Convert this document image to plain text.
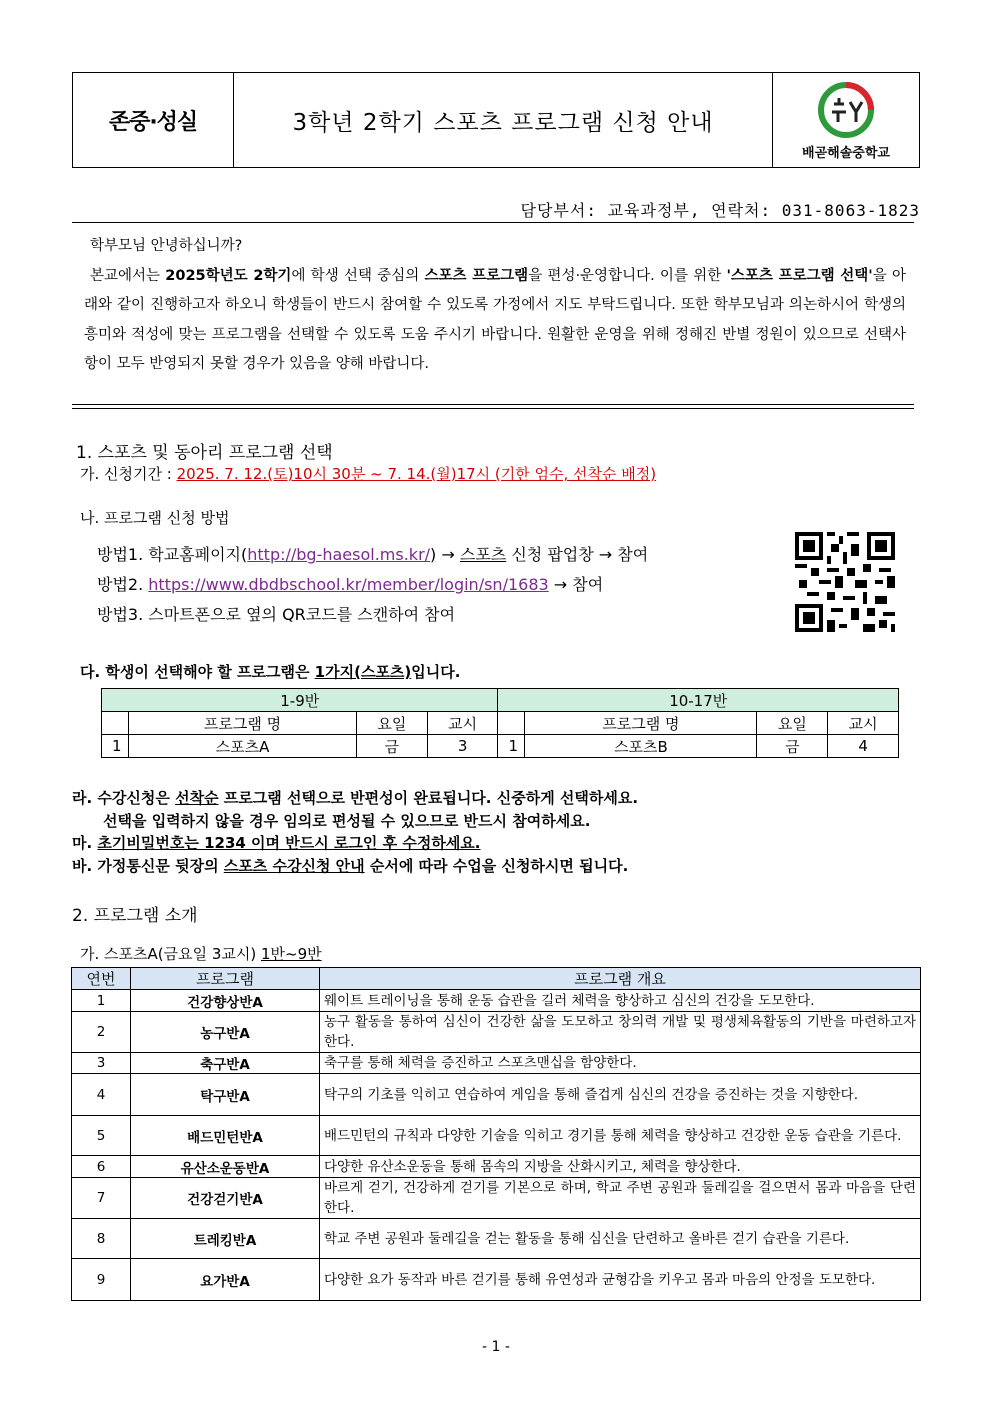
존중·성실	3학년 2학기 스포츠 프로그램 신청 안내
배곧해솔중학교
담당부서: 교육과정부, 연락처: 031-8063-1823
학부모님 안녕하십니까?
본교에서는 2025학년도 2학기에 학생 선택 중심의 스포츠 프로그램을 편성·운영합니다. 이를 위한 '스포츠 프로그램 선택'을 아래와 같이 진행하고자 하오니 학생들이 반드시 참여할 수 있도록 가정에서 지도 부탁드립니다. 또한 학부모님과 의논하시어 학생의 흥미와 적성에 맞는 프로그램을 선택할 수 있도록 도움 주시기 바랍니다. 원활한 운영을 위해 정해진 반별 정원이 있으므로 선택사항이 모두 반영되지 못할 경우가 있음을 양해 바랍니다.
1. 스포츠 및 동아리 프로그램 선택
가. 신청기간 : 2025. 7. 12.(토)10시 30분 ~ 7. 14.(월)17시 (기한 엄수, 선착순 배정)
나. 프로그램 신청 방법
방법1. 학교홈페이지(http://bg-haesol.ms.kr/) → 스포츠 신청 팝업창 → 참여
방법2. https://www.dbdbschool.kr/member/login/sn/1683 → 참여
방법3. 스마트폰으로 옆의 QR코드를 스캔하여 참여
다. 학생이 선택해야 할 프로그램은 1가지(스포츠)입니다.
1-9반				10-17반			
	프로그램 명	요일	교시		프로그램 명	요일	교시
1	스포츠A	금	3	1	스포츠B	금	4
라. 수강신청은 선착순 프로그램 선택으로 반편성이 완료됩니다. 신중하게 선택하세요.
선택을 입력하지 않을 경우 임의로 편성될 수 있으므로 반드시 참여하세요.
마. 초기비밀번호는 1234 이며 반드시 로그인 후 수정하세요.
바. 가정통신문 뒷장의 스포츠 수강신청 안내 순서에 따라 수업을 신청하시면 됩니다.
2. 프로그램 소개
가. 스포츠A(금요일 3교시) 1반~9반
연번	프로그램	프로그램 개요
1	건강향상반A	웨이트 트레이닝을 통해 운동 습관을 길러 체력을 향상하고 심신의 건강을 도모한다.
2	농구반A	농구 활동을 통하여 심신이 건강한 삶을 도모하고 창의력 개발 및 평생체육활동의 기반을 마련하고자 한다.
3	축구반A	축구를 통해 체력을 증진하고 스포츠맨십을 함양한다.
4	탁구반A	탁구의 기초를 익히고 연습하여 게임을 통해 즐겁게 심신의 건강을 증진하는 것을 지향한다.
5	배드민턴반A	배드민턴의 규칙과 다양한 기술을 익히고 경기를 통해 체력을 향상하고 건강한 운동 습관을 기른다.
6	유산소운동반A	다양한 유산소운동을 통해 몸속의 지방을 산화시키고, 체력을 향상한다.
7	건강걷기반A	바르게 걷기, 건강하게 걷기를 기본으로 하며, 학교 주변 공원과 둘레길을 걸으면서 몸과 마음을 단련한다.
8	트레킹반A	학교 주변 공원과 둘레길을 걷는 활동을 통해 심신을 단련하고 올바른 걷기 습관을 기른다.
9	요가반A	다양한 요가 동작과 바른 걷기를 통해 유연성과 균형감을 키우고 몸과 마음의 안정을 도모한다.
- 1 -
